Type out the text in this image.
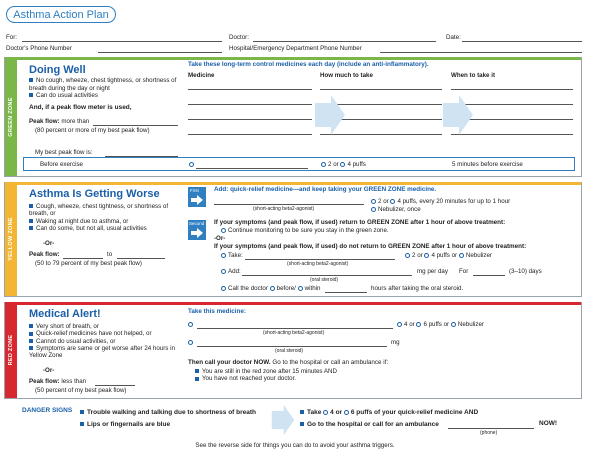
Asthma Action Plan
For:	Doctor:	Date:
Doctor's Phone Number	Hospital/Emergency Department Phone Number
GREEN ZONE
Doing Well
No cough, wheeze, chest tightness, or shortness of breath during the day or night
Can do usual activities
And, if a peak flow meter is used,
Peak flow: more than
(80 percent or more of my best peak flow)
My best peak flow is:
Take these long-term control medicines each day (include an anti-inflammatory).
Medicine	How much to take	When to take it
Before exercise	2 or 4 puffs	5 minutes before exercise
YELLOW ZONE
Asthma Is Getting Worse
Cough, wheeze, chest tightness, or shortness of breath, or
Waking at night due to asthma, or
Can do some, but not all, usual activities
-Or-
Peak flow:	to
(50 to 79 percent of my best peak flow)
First Add: quick-relief medicine—and keep taking your GREEN ZONE medicine.
(short-acting beta2-agonist)
2 or 4 puffs, every 20 minutes for up to 1 hour
Nebulizer, once
Second If your symptoms (and peak flow, if used) return to GREEN ZONE after 1 hour of above treatment:
Continue monitoring to be sure you stay in the green zone.
-Or-
If your symptoms (and peak flow, if used) do not return to GREEN ZONE after 1 hour of above treatment:
Take:
(short-acting beta2-agonist)
2 or 4 puffs or Nebulizer
Add:
(oral steroid)
mg per day For	(3–10) days
Call the doctor before/ within	hours after taking the oral steroid.
RED ZONE
Medical Alert!
Very short of breath, or
Quick-relief medicines have not helped, or
Cannot do usual activities, or
Symptoms are same or get worse after 24 hours in Yellow Zone
-Or-
Peak flow: less than
(50 percent of my best peak flow)
Take this medicine:
(short-acting beta2-agonist)
4 or 6 puffs or Nebulizer
mg
(oral steroid)
Then call your doctor NOW. Go to the hospital or call an ambulance if:
You are still in the red zone after 15 minutes AND
You have not reached your doctor.
DANGER SIGNS	Trouble walking and talking due to shortness of breath
Lips or fingernails are blue
Take 4 or 6 puffs of your quick-relief medicine AND
Go to the hospital or call for an ambulance	NOW!
(phone)
See the reverse side for things you can do to avoid your asthma triggers.
